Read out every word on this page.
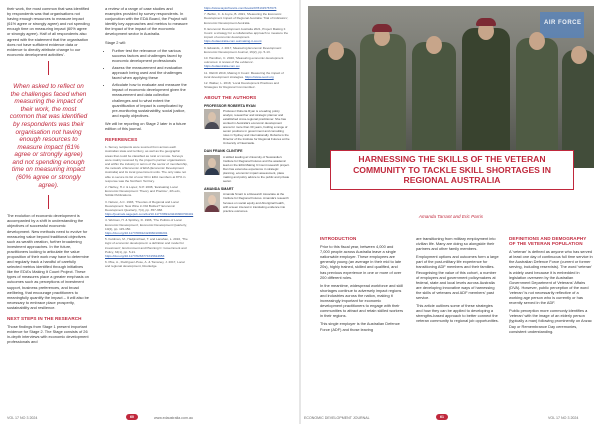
their work, the most common that was identified by respondents was that organisations not having enough resources to measure impact (61% agree or strongly agree) and not spending enough time on measuring impact (60% agree or strongly agree). Half of all respondents also agreed with the statement that the organisation does not have sufficient evidence data or evidence to directly attribute change to our economic development activities'.

When asked to reflect on the challenges faced when measuring the impact of their work, the most common that was identified by respondents was their organisation not having enough resources to measure impact (61% agree or strongly agree) and not spending enough time on measuring impact (60% agree or strongly agree).

The evolution of economic development is accompanied by a shift in understanding the objectives of successful economic development. New methods need to evolve for measuring value beyond traditional objectives such as wealth creation, further broadening investment approaches. In the future, practitioners looking to articulate the value proposition of their work may have to determine and regularly track a handful of carefully selected metrics identified through initiatives like the EDA's Making It Count Project. These types of measures place a greater emphasis on outcomes such as perceptions of investment support, business preferences, and broad wellbeing, that encourage practitioners to meaningfully quantify the impact – it will also be necessary to embrace place prosperity, sustainability and resilience.

NEXT STEPS IN THE RESEARCH

Those findings from Stage 1 present important evidence for Stage 2. The Stage consists of 26 in-depth interviews with economic development professionals and

a review of a range of case studies and examples provided by survey respondents. In conjunction with the EDA Board, the Project will identify key approaches and metrics to measure the impact of the impact of the economic development sector in Australia.

Stage 2 will:

• Further test the relevance of the various success factors and challenges faced by economic development professionals
• Assess the measurement and evaluation approach being used and the challenges faced when applying these
• Articulate how to evaluate and measure the impact of economic development given the measurement and data collection challenges and to what extent the quantification of impact is complicated by pre-monitoring sustainability, social justice, and equity objectives.

We will be reporting on Stage 2 later in a future edition of this journal.

REFERENCES
1. Survey recipients were sourced from across each Australian state and territory, as well as the geographic areas that could be classified as rural or remote. Surveys were mainly received by the project's partner organisations and within the industry in terms of the sector of membership, the network of Economic of EDA (Economic Development Australia) and its local government units. The only state not able to secure its list of over 60 in EDA members at 87% in response was the Northern Territory.
2. Hartley, H.J. & Lopez, N.P. 2008, 'Evaluating Local Economic Development: Theory and Practice', 4th edn, SAGE Publications.
3. Nelson, A.C. 1993, 'Theories of Regional and Local Development: New Wine in Old Bottles?' Economic Development Quarterly, 7(4), pp. 357-368. https://journals.sagepub.com/doi/10.1177/089124249300700401
4. Wolman, H. & Spitzley, D. 1996, 'The Politics of Local Economic Development', Economic Development Quarterly, 10(2), pp. 115-150. https://doi.org/10.1177/089124249601000201
5. Feldman, M., Hadjimichael, T. and Lanahan, L. 2016, 'The logic of economic development: a definition and model for investment', Environment and Planning C: Government and Policy, 34(1), pp. 5-21. https://doi.org/10.1177/0263774X15614653
6. Pike, A., Rodríguez-Pose, A. & Tomaney, J. 2017, Local and regional development, Routledge.
https://www.taylorfrancis.com/books/9781315767673
7. Belbin, C. & Joyce, B. 2021, 'Measuring the Economic Development Impact of Regional Australia: Trial of Indicators', Economic Development Australia.
8. Economic Development Australia 2021, Project Making It Count: a strategy for a collaborative approach to measure the impact of economic development. https://edaustralia.com.au/making-it-count
9. Edwards, J. 2017, Measuring Economic Development: Economic Development Journal, 16(2), pp. 5-13.
10. Hamilton, C. 2020, 'Measuring economic development outcomes: A review of the evidence'. https://edaustralia.com.au
11. OECD 2019, Making It Count: Measuring the impact of local development strategies. https://www.oecd.org
12. Walker, L. 2018, 'Local Development Practices and Strategies for Regional Communities'.
ABOUT THE AUTHORS
PROFESSOR ROBERTA RYAN
Professor Roberta Ryan is a leading policy analyst, researcher and strategic planner and established cross-regional practitioner. She has worked in Australia's economic development arena for more than 30 years, holding a range of senior positions in government and consulting roles in Sydney and internationally. Roberta is the Director of the Institute for Regional Futures at the University of Newcastle.
DAN FRANK CLINTIFE
A skilled leading at University of Newcastle's Institute for Regional Futures and the academic lead on the EDA Making It Count research project. Dan has extensive experience in strategic planning, economic impact assessment, place making and policy advice to the public and private sector.
AMANDA SMART
Amanda Smart is a Research Associate at the Institute for Regional Futures. Amanda's research focuses on social equity and Aboriginal health, with a keen interest in translating evidence into practice outcomes.
VOL 17 NO 3 2024	60	www.edaustralia.com.au
AIR FORCE
HARNESSING THE SKILLS OF THE VETERAN COMMUNITY TO TACKLE SKILL SHORTAGES IN REGIONAL AUSTRALIA
Amanda Tarrant and Eric Parris
INTRODUCTION

Prior to this fiscal year, between 4,000 and 7,000 people across Australia leave a single nationwide employer. These employees are generally young (an average in their mid to late 20s), highly trained, skilled and qualified, and has previous experience in one or more of over 200 different roles.

In the meantime, widespread workforce and skill shortages continue to adversely impact regions and industries across the nation, making it increasingly important for economic development practitioners to engage with their communities to attract and retain skilled workers in their regions.

This single employer is the Australian Defence Force (ADF) and those leaving

are transitioning from military employment into civilian life. Many are doing so alongside their partners and other family members.

Employment options and outcomes form a large part of the post-military life experience for transitioning ADF members and their families. Recognising the value of this cohort, a number of employers and government policymakers at federal, state and local levels across Australia are developing innovative ways of harnessing the skills of veterans and ADF members' past service.

This article outlines some of these strategies and how they can be applied to developing a strengths-based approach to better connect the veteran community to regional job opportunities.

DEFINITIONS AND DEMOGRAPHY OF THE VETERAN POPULATION

A 'veteran' is defined as anyone who has served at least one day of continuous full time service in the Australian Defence Force (current or former serving, including reservists). The word 'veteran' is widely used because it is embedded in legislation overseen by the Australian Government Department of Veterans' Affairs (DVA). However, public perception of the word 'veteran' is not necessarily reflective of a working age person who is currently or has recently served in the ADF.

Public perception more commonly identifies a 'veteran' with the image of an elderly person (typically a man) following prominently on Anzac Day or Remembrance Day ceremonies, consistent understanding.

ECONOMIC DEVELOPMENT JOURNAL	61	VOL 17 NO 3 2024
